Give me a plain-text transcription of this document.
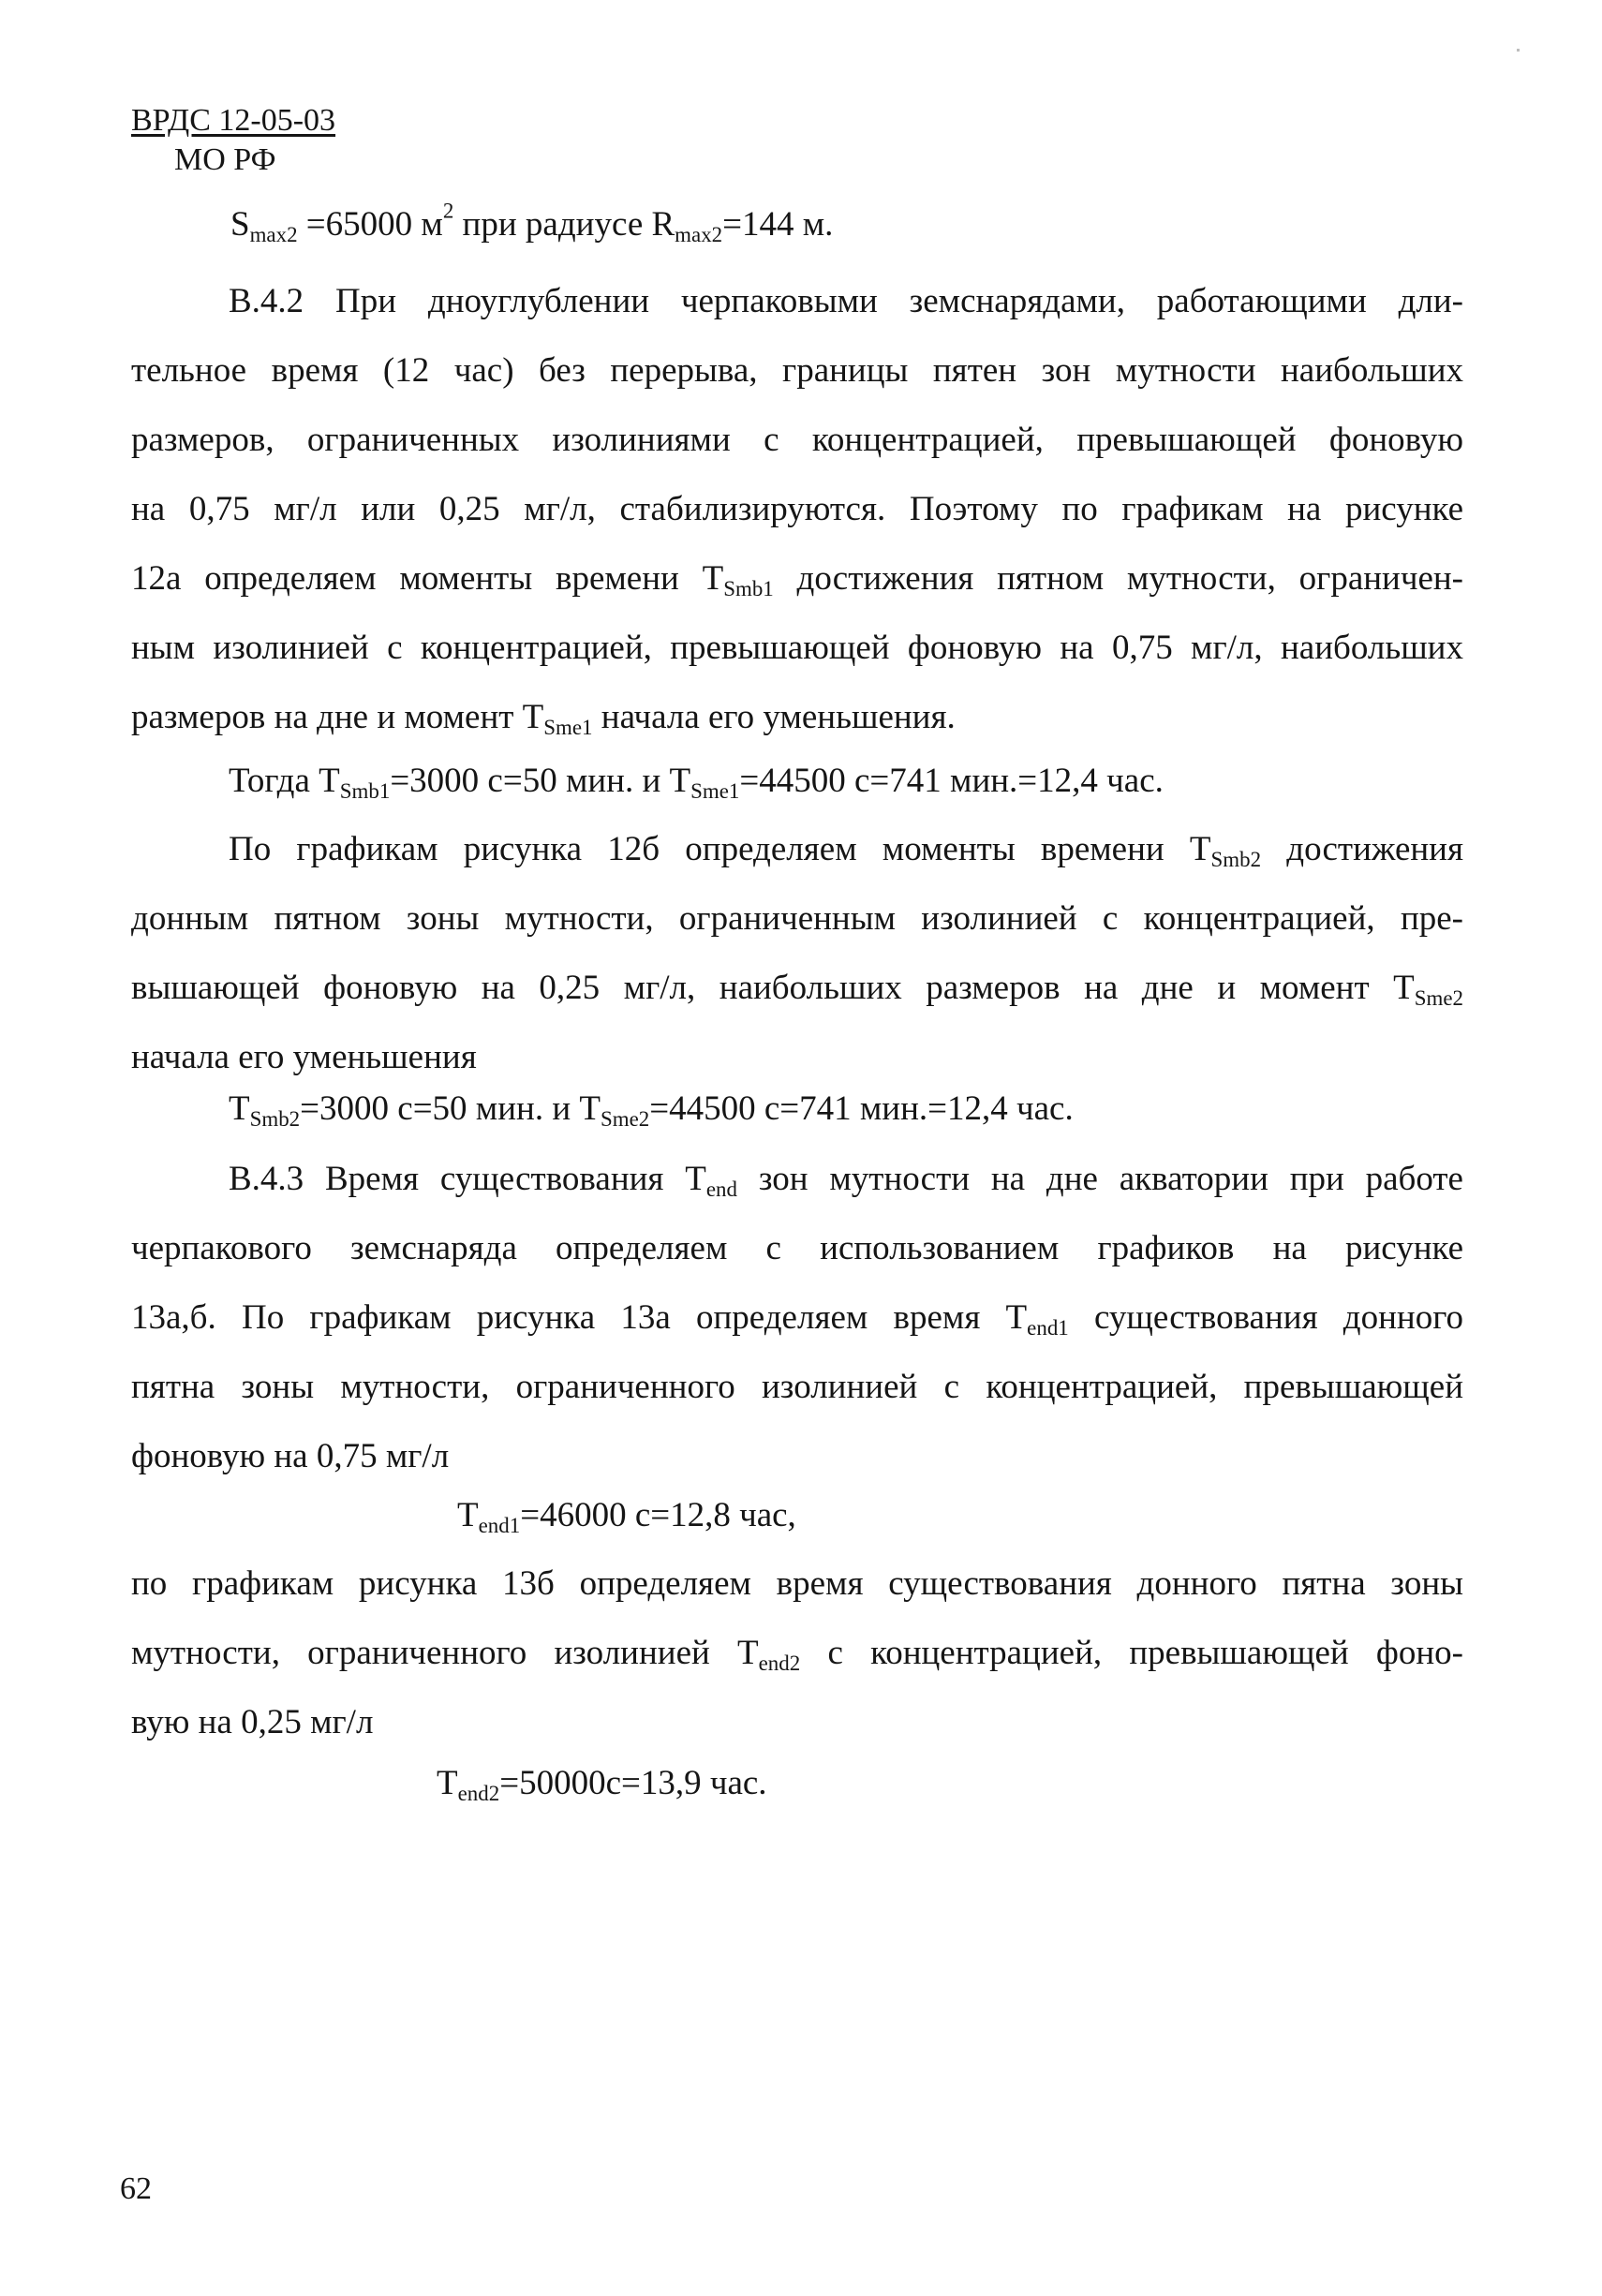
ВРДС 12-05-03
МО РФ
$S_{max2} =65000$ $м^2$ при радиусе $R_{max2}=144$ м.
В.4.2 При дноуглублении черпаковыми земснарядами, работающими дли-
тельное время (12 час) без перерыва, границы пятен зон мутности наибольших
размеров, ограниченных изолиниями с концентрацией, превышающей фоновую
на 0,75 мг/л или 0,25 мг/л, стабилизируются. Поэтому по графикам на рисунке
12а определяем моменты времени $T_{Smb1}$ достижения пятном мутности, ограничен-
ным изолинией с концентрацией, превышающей фоновую на 0,75 мг/л, наибольших
размеров на дне и момент $T_{Sme1}$ начала его уменьшения.
Тогда $T_{Smb1}=3000$ с=50 мин. и $T_{Sme1}=44500$ с=741 мин.=12,4 час.
По графикам рисунка 12б определяем моменты времени $T_{Smb2}$ достижения
донным пятном зоны мутности, ограниченным изолинией с концентрацией, пре-
вышающей фоновую на 0,25 мг/л, наибольших размеров на дне и момент $T_{Sme2}$
начала его уменьшения
$T_{Smb2}=3000$ с=50 мин. и $T_{Sme2}=44500$ с=741 мин.=12,4 час.
В.4.3 Время существования $T_{end}$ зон мутности на дне акватории при работе
черпакового земснаряда определяем с использованием графиков на рисунке
13а,б. По графикам рисунка 13а определяем время $T_{end1}$ существования донного
пятна зоны мутности, ограниченного изолинией с концентрацией, превышающей
фоновую на 0,75 мг/л
$T_{end1}=46000$ с=12,8 час,
по графикам рисунка 13б определяем время существования донного пятна зоны
мутности, ограниченного изолинией $T_{end2}$ с концентрацией, превышающей фоно-
вую на 0,25 мг/л
$T_{end2}=50000с=13,9$ час.
62
